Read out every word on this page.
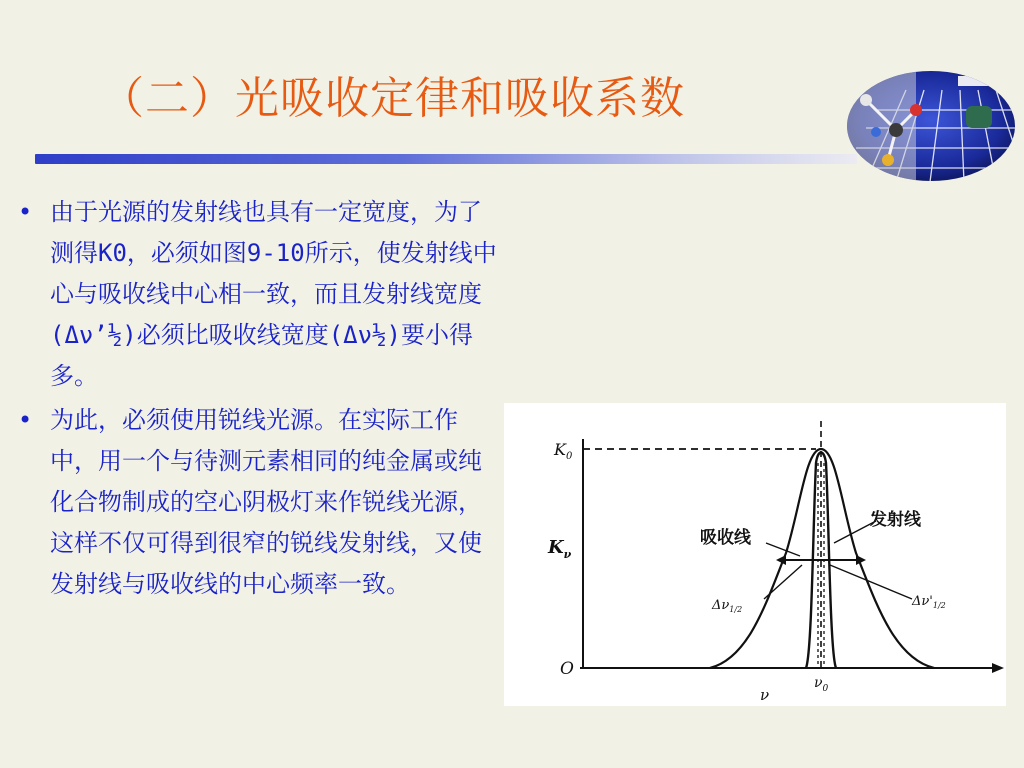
（二）光吸收定律和吸收系数
• 由于光源的发射线也具有一定宽度，为了测得K0，必须如图9-10所示，使发射线中心与吸收线中心相一致，而且发射线宽度(Δν’½)必须比吸收线宽度(Δν½)要小得多。
• 为此，必须使用锐线光源。在实际工作中，用一个与待测元素相同的纯金属或纯化合物制成的空心阴极灯来作锐线光源，这样不仅可得到很窄的锐线发射线，又使发射线与吸收线的中心频率一致。
$K_0$
$K_\nu$
O
ν
$\nu_0$
吸收线
发射线
$\Delta\nu_{1/2}$
$\Delta\nu'_{1/2}$
